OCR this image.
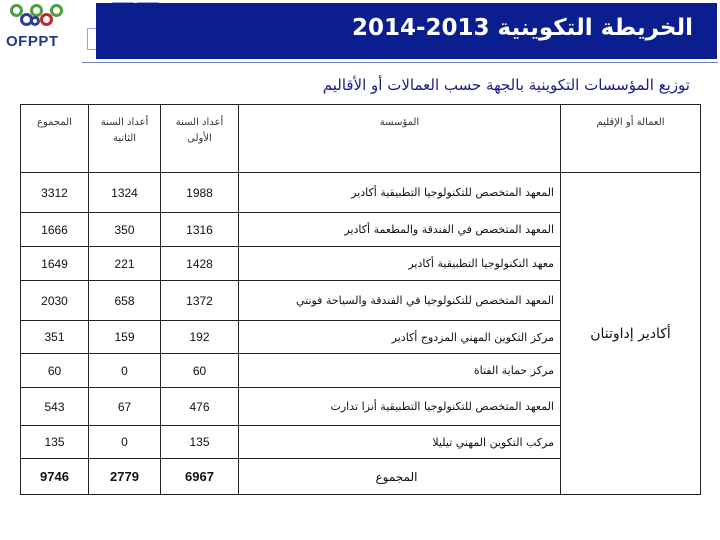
OFPPT
الخريطة التكوينية 2013-2014
توزيع المؤسسات التكوينية بالجهة حسب العمالات أو الأقاليم
العمالة أو الإقليم	المؤسسة	أعداد السنة الأولى	أعداد السنة الثانية	المجموع
أكادير إداوتنان	المعهد المتخصص للتكنولوجيا التطبيقية أكادير	1988	1324	3312
	المعهد المتخصص في الفندقة والمطعمة أكادير	1316	350	1666
	معهد التكنولوجيا التطبيقية أكادير	1428	221	1649
	المعهد المتخصص للتكنولوجيا في الفندقة والسياحة فونتي	1372	658	2030
	مركز التكوين المهني المزدوج أكادير	192	159	351
	مركز حماية الفتاة	60	0	60
	المعهد المتخصص للتكنولوجيا التطبيقية أنزا تدارت	476	67	543
	مركب التكوين المهني تيليلا	135	0	135
	المجموع	6967	2779	9746
